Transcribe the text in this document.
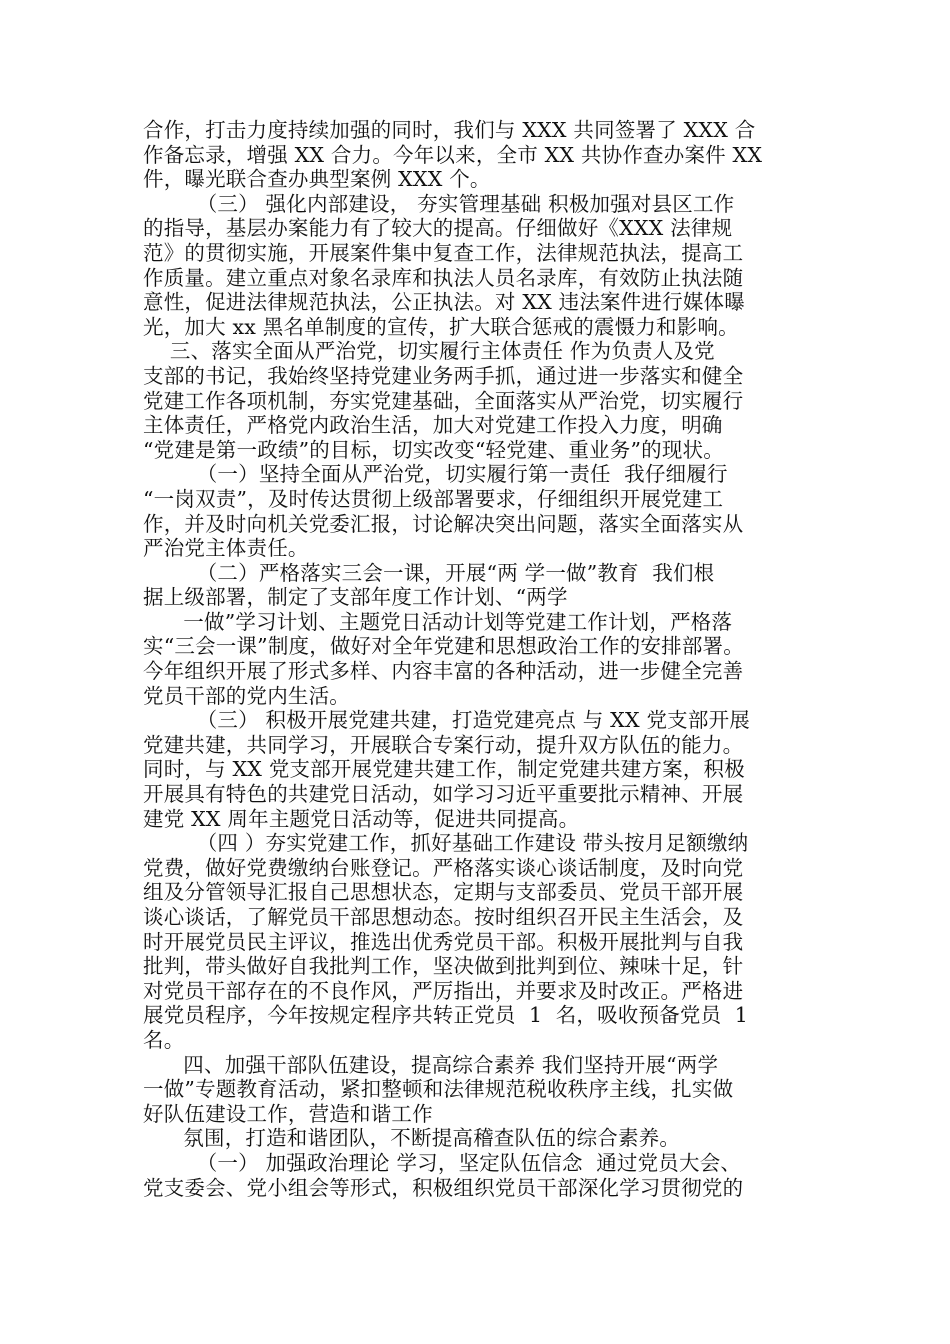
合作，打击力度持续加强的同时，我们与 XXX 共同签署了 XXX 合
作备忘录，增强 XX 合力。今年以来，全市 XX 共协作查办案件 XX
件，曝光联合查办典型案例 XXX 个。
（三） 强化内部建设， 夯实管理基础 积极加强对县区工作
的指导，基层办案能力有了较大的提高。仔细做好《XXX 法律规
范》的贯彻实施，开展案件集中复查工作，法律规范执法，提高工
作质量。建立重点对象名录库和执法人员名录库，有效防止执法随
意性，促进法律规范执法，公正执法。对 XX 违法案件进行媒体曝
光，加大 xx 黑名单制度的宣传，扩大联合惩戒的震慑力和影响。
三、落实全面从严治党，切实履行主体责任 作为负责人及党
支部的书记，我始终坚持党建业务两手抓，通过进一步落实和健全
党建工作各项机制，夯实党建基础，全面落实从严治党，切实履行
主体责任，严格党内政治生活，加大对党建工作投入力度，明确
“党建是第一政绩”的目标，切实改变“轻党建、重业务”的现状。
（一）坚持全面从严治党，切实履行第一责任  我仔细履行
“一岗双责”，及时传达贯彻上级部署要求，仔细组织开展党建工
作，并及时向机关党委汇报，讨论解决突出问题，落实全面落实从
严治党主体责任。
（二）严格落实三会一课，开展“两 学一做”教育  我们根
据上级部署，制定了支部年度工作计划、“两学
一做”学习计划、主题党日活动计划等党建工作计划，严格落
实“三会一课”制度，做好对全年党建和思想政治工作的安排部署。
今年组织开展了形式多样、内容丰富的各种活动，进一步健全完善
党员干部的党内生活。
（三） 积极开展党建共建，打造党建亮点 与 XX 党支部开展
党建共建，共同学习，开展联合专案行动，提升双方队伍的能力。
同时，与 XX 党支部开展党建共建工作，制定党建共建方案，积极
开展具有特色的共建党日活动，如学习习近平重要批示精神、开展
建党 XX 周年主题党日活动等，促进共同提高。
（四 ）夯实党建工作，抓好基础工作建设 带头按月足额缴纳
党费，做好党费缴纳台账登记。严格落实谈心谈话制度，及时向党
组及分管领导汇报自己思想状态，定期与支部委员、党员干部开展
谈心谈话，了解党员干部思想动态。按时组织召开民主生活会，及
时开展党员民主评议，推选出优秀党员干部。积极开展批判与自我
批判，带头做好自我批判工作，坚决做到批判到位、辣味十足，针
对党员干部存在的不良作风，严厉指出，并要求及时改正。严格进
展党员程序，今年按规定程序共转正党员  1  名，吸收预备党员  1
名。
四、加强干部队伍建设，提高综合素养 我们坚持开展“两学
一做”专题教育活动，紧扣整顿和法律规范税收秩序主线，扎实做
好队伍建设工作，营造和谐工作
氛围，打造和谐团队，不断提高稽查队伍的综合素养。
（一） 加强政治理论 学习，坚定队伍信念  通过党员大会、
党支委会、党小组会等形式，积极组织党员干部深化学习贯彻党的
